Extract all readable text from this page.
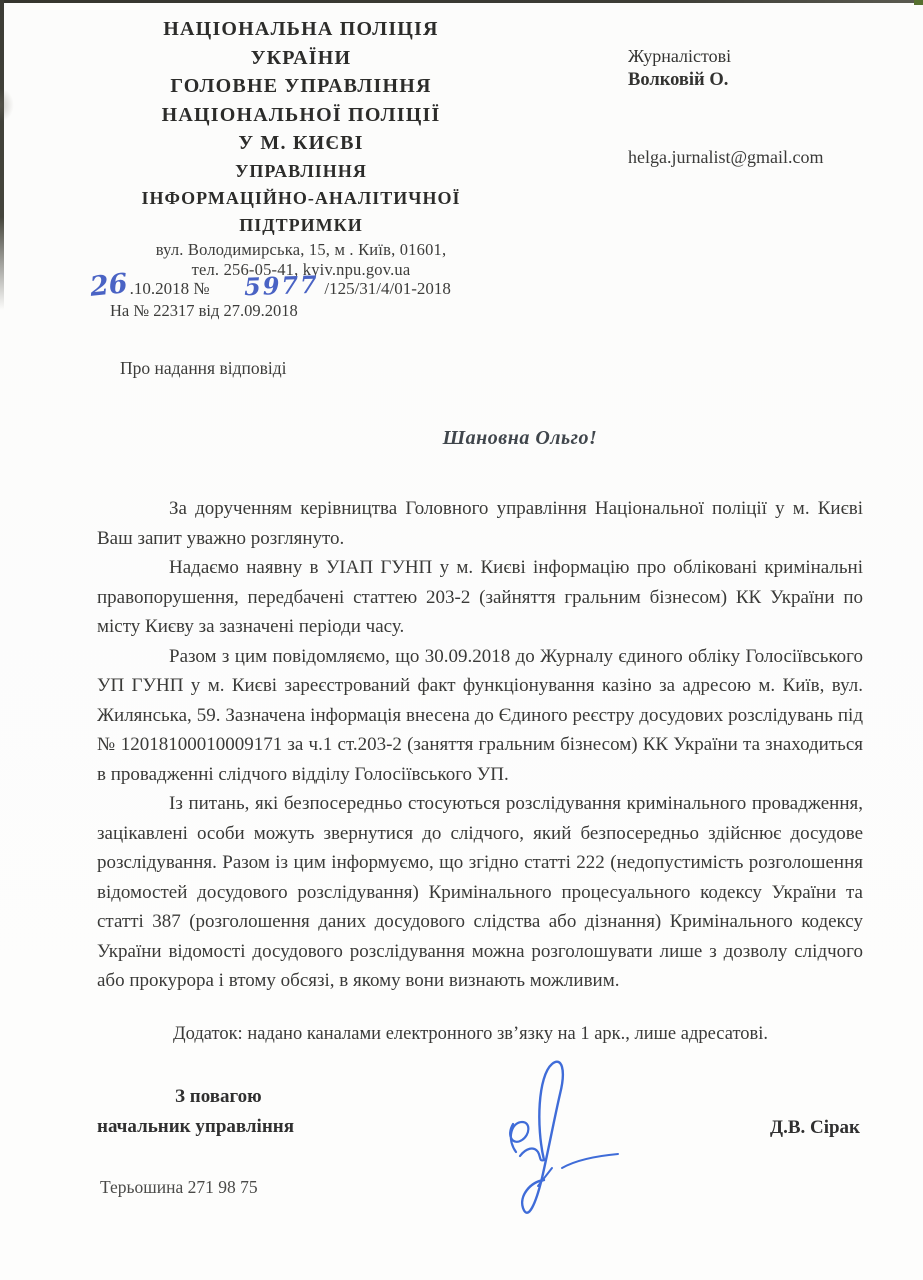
НАЦІОНАЛЬНА ПОЛІЦІЯ
УКРАЇНИ
ГОЛОВНЕ УПРАВЛІННЯ
НАЦІОНАЛЬНОЇ ПОЛІЦІЇ
У М. КИЄВІ
УПРАВЛІННЯ
ІНФОРМАЦІЙНО-АНАЛІТИЧНОЇ
ПІДТРИМКИ
вул. Володимирська, 15, м . Київ, 01601,
тел. 256-05-41, kyiv.npu.gov.ua
26.10.2018 № 5977 /125/31/4/01-2018
На № 22317 від 27.09.2018
Журналістові
Волковій О.
helga.jurnalist@gmail.com
Про надання відповіді
Шановна Ольго!

За дорученням керівництва Головного управління Національної поліції у м. Києві Ваш запит уважно розглянуто.

Надаємо наявну в УІАП ГУНП у м. Києві інформацію про обліковані кримінальні правопорушення, передбачені статтею 203-2 (зайняття гральним бізнесом) КК України по місту Києву за зазначені періоди часу.

Разом з цим повідомляємо, що 30.09.2018 до Журналу єдиного обліку Голосіївського УП ГУНП у м. Києві зареєстрований факт функціонування казіно за адресою м. Київ, вул. Жилянська, 59. Зазначена інформація внесена до Єдиного реєстру досудових розслідувань під № 12018100010009171 за ч.1 ст.203-2 (заняття гральним бізнесом) КК України та знаходиться в провадженні слідчого відділу Голосіївського УП.

Із питань, які безпосередньо стосуються розслідування кримінального провадження, зацікавлені особи можуть звернутися до слідчого, який безпосередньо здійснює досудове розслідування. Разом із цим інформуємо, що згідно статті 222 (недопустимість розголошення відомостей досудового розслідування) Кримінального процесуального кодексу України та статті 387 (розголошення даних досудового слідства або дізнання) Кримінального кодексу України відомості досудового розслідування можна розголошувати лише з дозволу слідчого або прокурора і втому обсязі, в якому вони визнають можливим.

Додаток: надано каналами електронного зв’язку на 1 арк., лише адресатові.

З повагою
начальник управління	Д.В. Сірак
Терьошина 271 98 75
